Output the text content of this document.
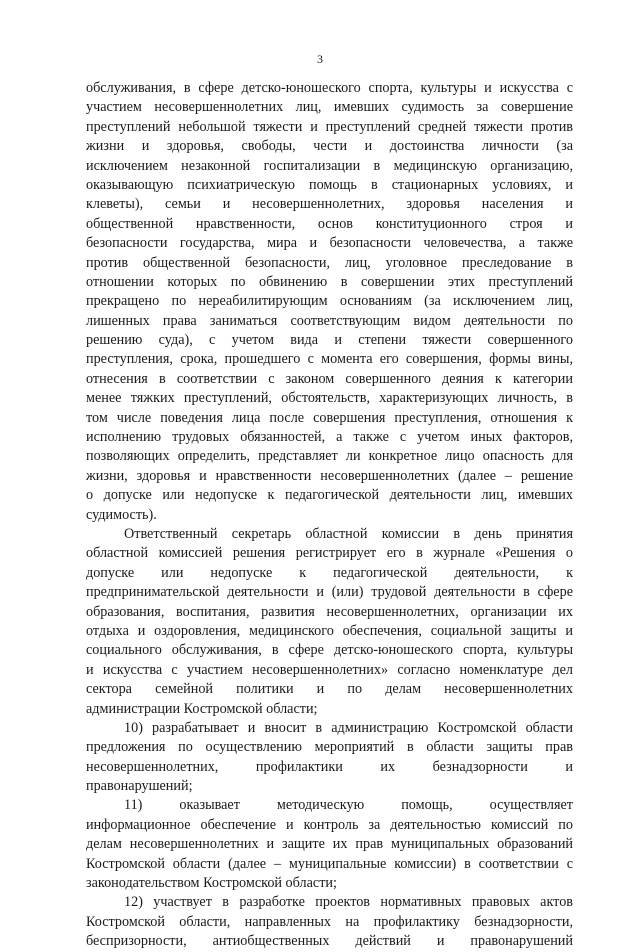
3
обслуживания, в сфере детско-юношеского спорта, культуры и искусства с
участием несовершеннолетних лиц, имевших судимость за совершение
преступлений небольшой тяжести и преступлений средней тяжести против
жизни и здоровья, свободы, чести и достоинства личности (за
исключением незаконной госпитализации в медицинскую организацию,
оказывающую психиатрическую помощь в стационарных условиях, и
клеветы), семьи и несовершеннолетних, здоровья населения и
общественной нравственности, основ конституционного строя и
безопасности государства, мира и безопасности человечества, а также
против общественной безопасности, лиц, уголовное преследование в
отношении которых по обвинению в совершении этих преступлений
прекращено по нереабилитирующим основаниям (за исключением лиц,
лишенных права заниматься соответствующим видом деятельности по
решению суда), с учетом вида и степени тяжести совершенного
преступления, срока, прошедшего с момента его совершения, формы вины,
отнесения в соответствии с законом совершенного деяния к категории
менее тяжких преступлений, обстоятельств, характеризующих личность, в
том числе поведения лица после совершения преступления, отношения к
исполнению трудовых обязанностей, а также с учетом иных факторов,
позволяющих определить, представляет ли конкретное лицо опасность для
жизни, здоровья и нравственности несовершеннолетних (далее – решение
о допуске или недопуске к педагогической деятельности лиц, имевших
судимость).
Ответственный секретарь областной комиссии в день принятия
областной комиссией решения регистрирует его в журнале «Решения о
допуске или недопуске к педагогической деятельности, к
предпринимательской деятельности и (или) трудовой деятельности в сфере
образования, воспитания, развития несовершеннолетних, организации их
отдыха и оздоровления, медицинского обеспечения, социальной защиты и
социального обслуживания, в сфере детско-юношеского спорта, культуры
и искусства с участием несовершеннолетних» согласно номенклатуре дел
сектора семейной политики и по делам несовершеннолетних
администрации Костромской области;
10) разрабатывает и вносит в администрацию Костромской области
предложения по осуществлению мероприятий в области защиты прав
несовершеннолетних, профилактики их безнадзорности и
правонарушений;
11) оказывает методическую помощь, осуществляет
информационное обеспечение и контроль за деятельностью комиссий по
делам несовершеннолетних и защите их прав муниципальных образований
Костромской области (далее – муниципальные комиссии) в соответствии с
законодательством Костромской области;
12) участвует в разработке проектов нормативных правовых актов
Костромской области, направленных на профилактику безнадзорности,
беспризорности, антиобщественных действий и правонарушений
